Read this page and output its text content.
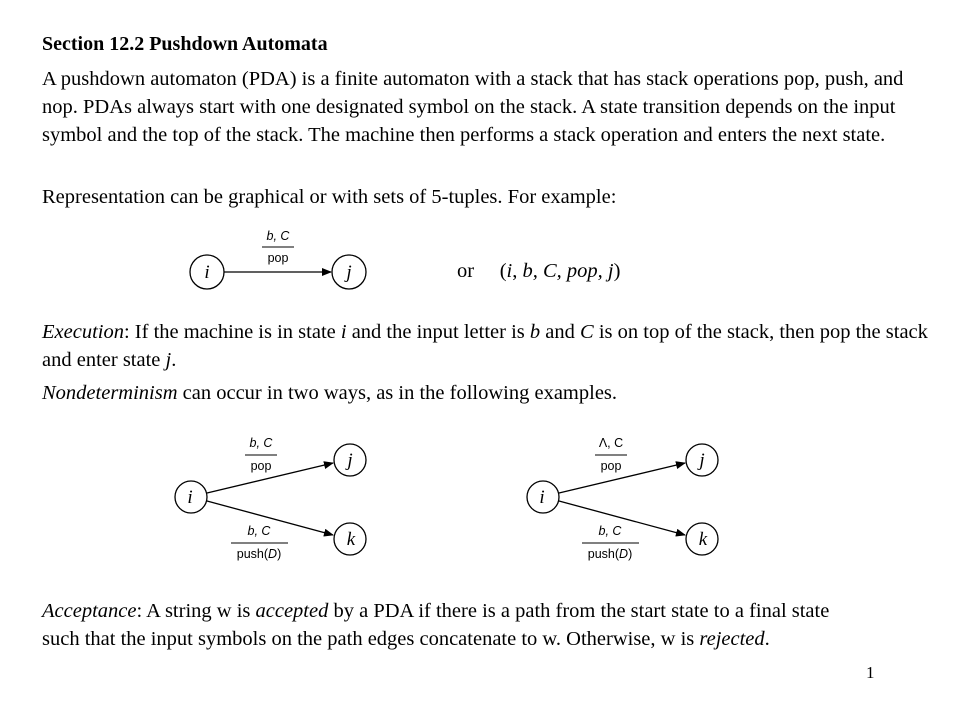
Section 12.2 Pushdown Automata

A pushdown automaton (PDA) is a finite automaton with a stack that has stack operations pop, push, and nop. PDAs always start with one designated symbol on the stack. A state transition depends on the input symbol and the top of the stack. The machine then performs a stack operation and enters the next state.

Representation can be graphical or with sets of 5-tuples. For example:

i	j
b, C
pop
i
j
k
b, C
pop
b, C
push(D)
i
j
k
Λ, C
pop
b, C
push(D)
or (i, b, C, pop, j)

Execution: If the machine is in state i and the input letter is b and C is on top of the stack, then pop the stack and enter state j.

Nondeterminism can occur in two ways, as in the following examples.

Acceptance: A string w is accepted by a PDA if there is a path from the start state to a final state such that the input symbols on the path edges concatenate to w. Otherwise, w is rejected.

1
